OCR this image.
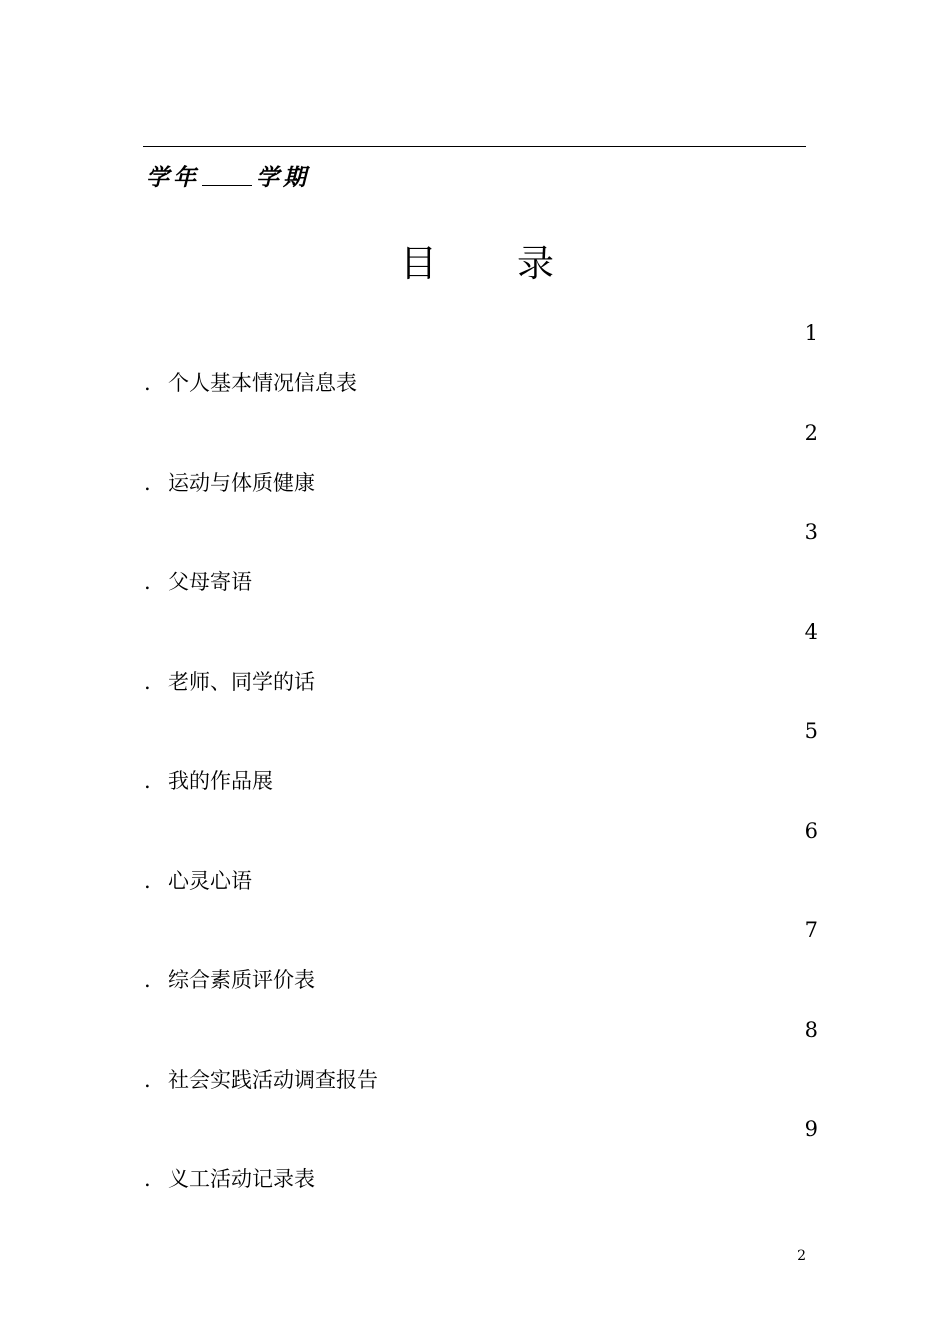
学年 学期
目 录
1
. 个人基本情况信息表
2
. 运动与体质健康
3
. 父母寄语
4
. 老师、同学的话
5
. 我的作品展
6
. 心灵心语
7
. 综合素质评价表
8
. 社会实践活动调查报告
9
. 义工活动记录表
2
